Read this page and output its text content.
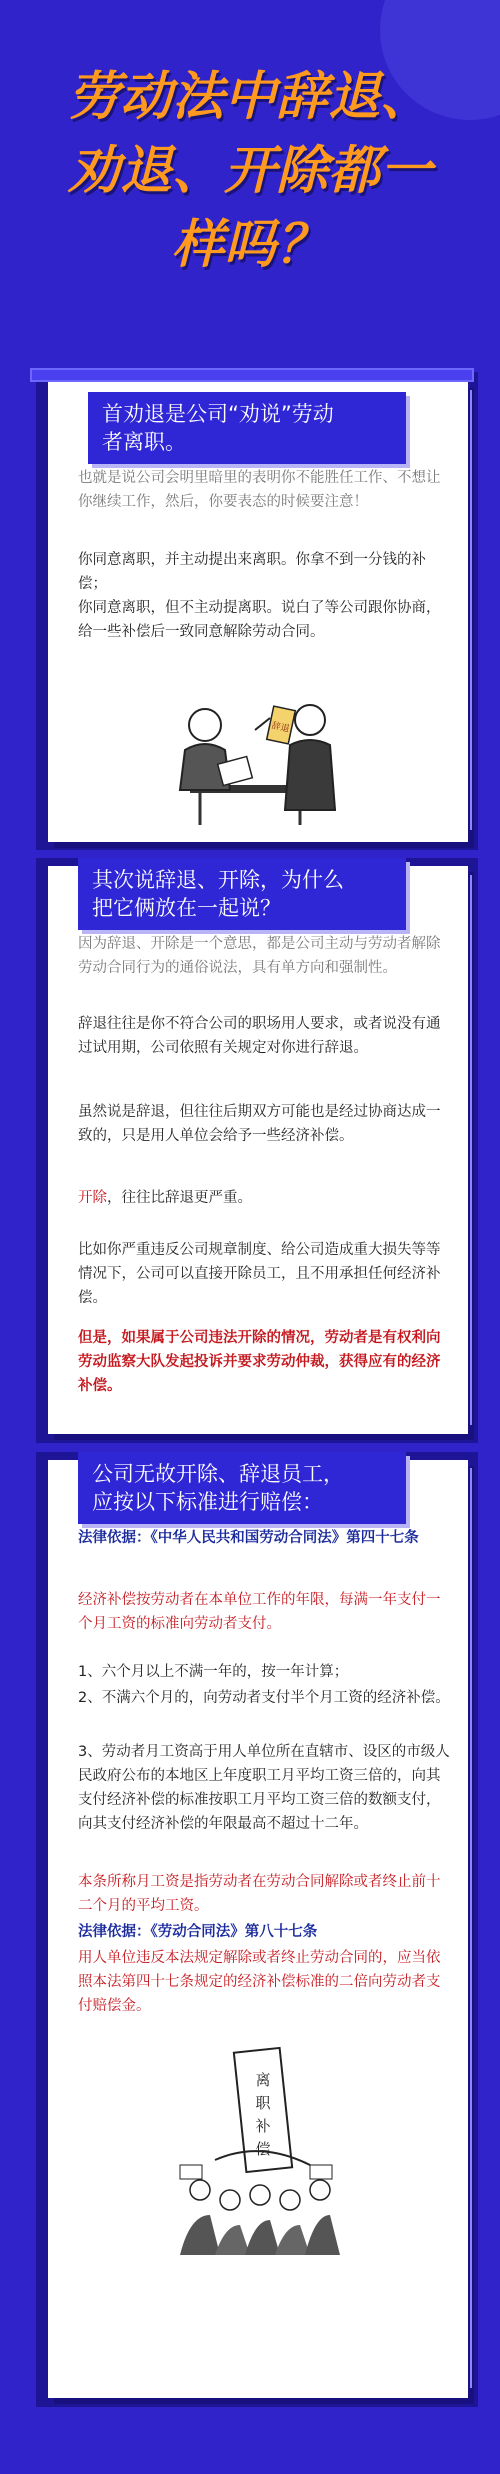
劳动法中辞退、
劝退、开除都一
样吗？
首劝退是公司“劝说”劳动
者离职。
也就是说公司会明里暗里的表明你不能胜任工作、不想让你继续工作，然后，你要表态的时候要注意！
你同意离职，并主动提出来离职。你拿不到一分钱的补偿；
你同意离职，但不主动提离职。说白了等公司跟你协商，给一些补偿后一致同意解除劳动合同。
辞退
其次说辞退、开除，为什么
把它俩放在一起说？
因为辞退、开除是一个意思，都是公司主动与劳动者解除劳动合同行为的通俗说法，具有单方向和强制性。
辞退往往是你不符合公司的职场用人要求，或者说没有通过试用期，公司依照有关规定对你进行辞退。
虽然说是辞退，但往往后期双方可能也是经过协商达成一致的，只是用人单位会给予一些经济补偿。
开除，往往比辞退更严重。
比如你严重违反公司规章制度、给公司造成重大损失等等情况下，公司可以直接开除员工，且不用承担任何经济补偿。
但是，如果属于公司违法开除的情况，劳动者是有权利向劳动监察大队发起投诉并要求劳动仲裁，获得应有的经济补偿。
公司无故开除、辞退员工，
应按以下标准进行赔偿：
法律依据：《中华人民共和国劳动合同法》第四十七条
经济补偿按劳动者在本单位工作的年限，每满一年支付一个月工资的标准向劳动者支付。
1、六个月以上不满一年的，按一年计算；
2、不满六个月的，向劳动者支付半个月工资的经济补偿。
3、劳动者月工资高于用人单位所在直辖市、设区的市级人民政府公布的本地区上年度职工月平均工资三倍的，向其支付经济补偿的标准按职工月平均工资三倍的数额支付，向其支付经济补偿的年限最高不超过十二年。
本条所称月工资是指劳动者在劳动合同解除或者终止前十二个月的平均工资。
法律依据：《劳动合同法》第八十七条
用人单位违反本法规定解除或者终止劳动合同的，应当依照本法第四十七条规定的经济补偿标准的二倍向劳动者支付赔偿金。
离
职
补
偿
